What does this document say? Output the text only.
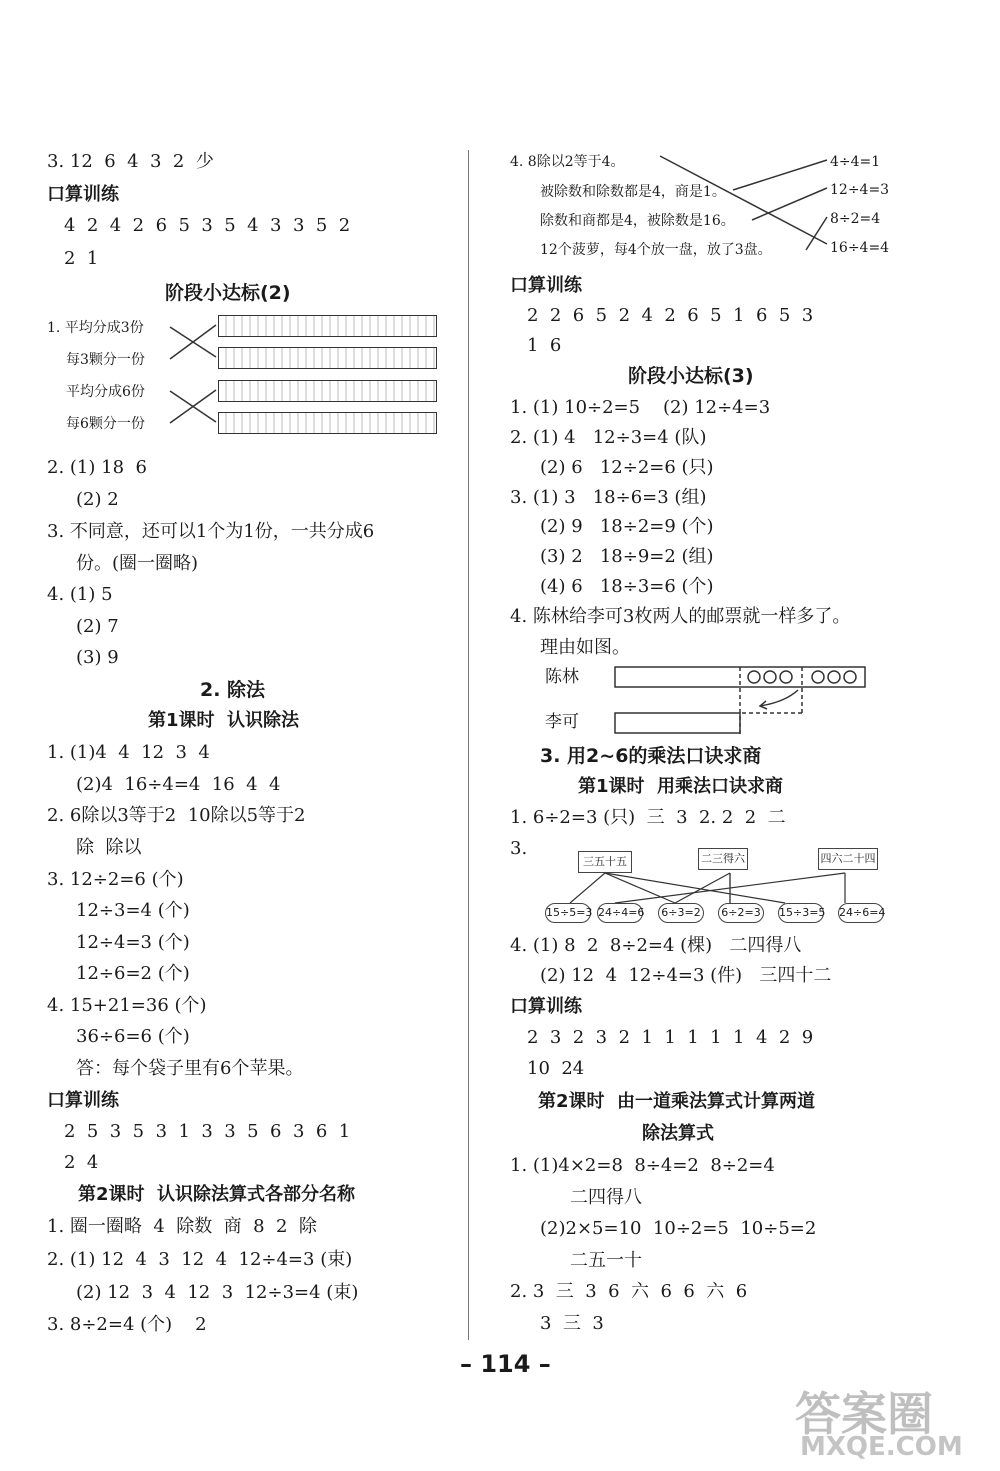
3. 12  6  4  3  2  少
口算训练
4  2  4  2  6  5  3  5  4  3  3  5  2
2  1
阶段小达标(2)
1. 平均分成3份
每3颗分一份
平均分成6份
每6颗分一份
2. (1) 18  6
(2) 2
3. 不同意，还可以1个为1份，一共分成6
份。(圈一圈略)
4. (1) 5
(2) 7
(3) 9
2. 除法
第1课时  认识除法
1. (1)4  4  12  3  4
(2)4  16÷4=4  16  4  4
2. 6除以3等于2  10除以5等于2
除  除以
3. 12÷2=6 (个)
12÷3=4 (个)
12÷4=3 (个)
12÷6=2 (个)
4. 15+21=36 (个)
36÷6=6 (个)
答：每个袋子里有6个苹果。
口算训练
2  5  3  5  3  1  3  3  5  6  3  6  1
2  4
第2课时  认识除法算式各部分名称
1. 圈一圈略  4  除数  商  8  2  除
2. (1) 12  4  3  12  4  12÷4=3 (束)
(2) 12  3  4  12  3  12÷3=4 (束)
3. 8÷2=4 (个)    2
4. 8除以2等于4。
被除数和除数都是4，商是1。
除数和商都是4，被除数是16。
12个菠萝，每4个放一盘，放了3盘。
4÷4=1
12÷4=3
8÷2=4
16÷4=4
口算训练
2  2  6  5  2  4  2  6  5  1  6  5  3
1  6
阶段小达标(3)
1. (1) 10÷2=5    (2) 12÷4=3
2. (1) 4   12÷3=4 (队)
(2) 6   12÷2=6 (只)
3. (1) 3   18÷6=3 (组)
(2) 9   18÷2=9 (个)
(3) 2   18÷9=2 (组)
(4) 6   18÷3=6 (个)
4. 陈林给李可3枚两人的邮票就一样多了。
理由如图。
陈林
李可
3. 用2~6的乘法口诀求商
第1课时  用乘法口诀求商
1. 6÷2=3 (只)  三  3  2. 2  2  二
3.
三五十五	二三得六	四六二十四
15÷5=3 24÷4=6 6÷3=2 6÷2=3 15÷3=5 24÷6=4
4. (1) 8  2  8÷2=4 (棵)   二四得八
(2) 12  4  12÷4=3 (件)   三四十二
口算训练
2  3  2  3  2  1  1  1  1  1  4  2  9
10  24
第2课时  由一道乘法算式计算两道
除法算式
1. (1)4×2=8  8÷4=2  8÷2=4
二四得八
(2)2×5=10  10÷2=5  10÷5=2
二五一十
2. 3  三  3  6  六  6  6  六  6
3  三  3
– 114 –
答案圈
MXQE.COM
